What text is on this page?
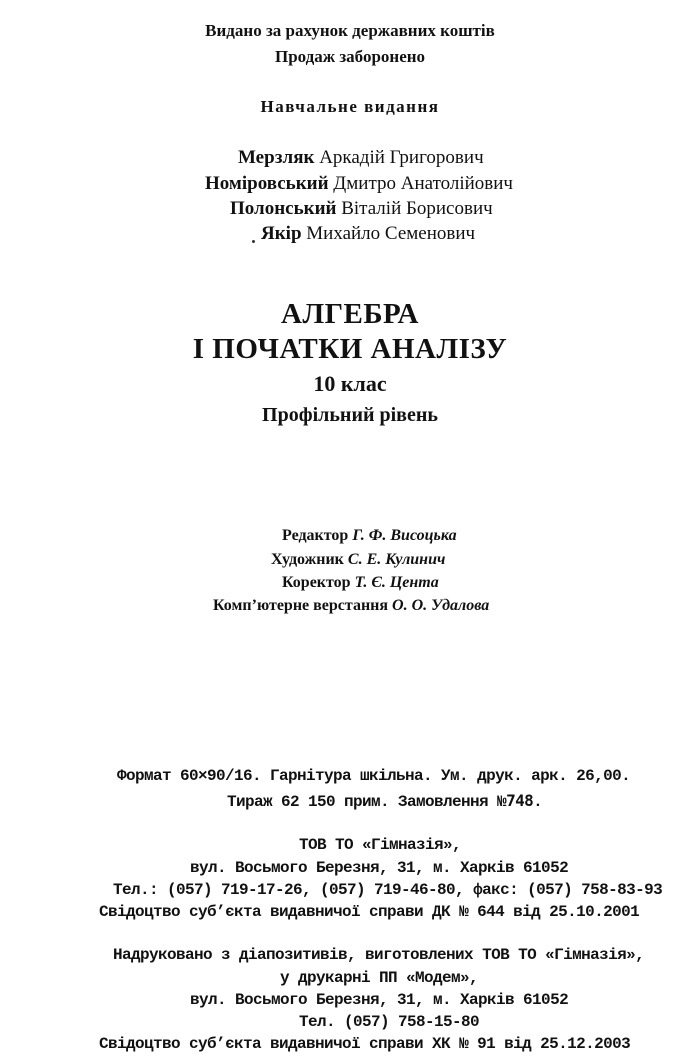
Видано за рахунок державних коштів
Продаж заборонено
Навчальне видання
Мерзляк Аркадій Григорович
Номіровський Дмитро Анатолійович
Полонський Віталій Борисович
Якір Михайло Семенович
АЛГЕБРА
І ПОЧАТКИ АНАЛІЗУ
10 клас
Профільний рівень
Редактор Г. Ф. Висоцька
Художник С. Е. Кулинич
Коректор Т. Є. Цента
Комп’ютерне верстання О. О. Удалова
Формат 60×90/16. Гарнітура шкільна. Ум. друк. арк. 26,00.
Тираж 62 150 прим. Замовлення №748.
ТОВ ТО «Гімназія»,
вул. Восьмого Березня, 31, м. Харків 61052
Тел.: (057) 719-17-26, (057) 719-46-80, факс: (057) 758-83-93
Свідоцтво суб’єкта видавничої справи ДК № 644 від 25.10.2001
Надруковано з діапозитивів, виготовлених ТОВ ТО «Гімназія»,
у друкарні ПП «Модем»,
вул. Восьмого Березня, 31, м. Харків 61052
Тел. (057) 758-15-80
Свідоцтво суб’єкта видавничої справи ХК № 91 від 25.12.2003
